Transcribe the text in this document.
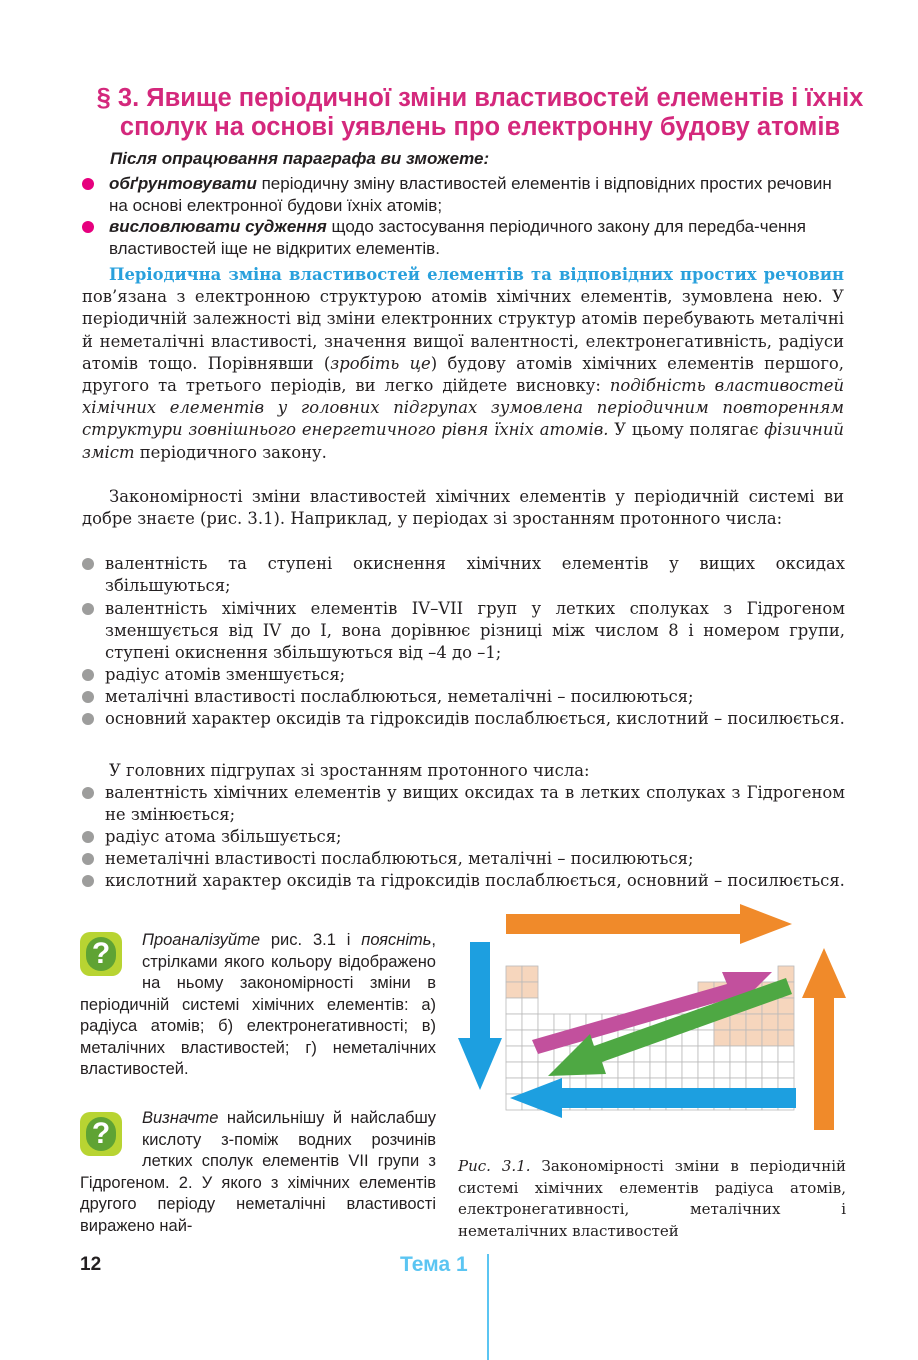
§ 3. Явище періодичної зміни властивостей елементів і їхніх
сполук на основі уявлень про електронну будову атомів
Після опрацювання параграфа ви зможете:
обґрунтовувати періодичну зміну властивостей елементів і відповідних простих речовин на основі електронної будови їхніх атомів;
висловлювати судження щодо застосування періодичного закону для передба-чення властивостей іще не відкритих елементів.
Періодична зміна властивостей елементів та відповідних простих речовин пов’язана з електронною структурою атомів хімічних елементів, зумовлена нею. У періодичній залежності від зміни електронних структур атомів перебувають металічні й неметалічні властивості, значення вищої валентності, електронегативність, радіуси атомів тощо. Порівнявши (зробіть це) будову атомів хімічних елементів першого, другого та третього періодів, ви легко дійдете висновку: подібність властивостей хімічних елементів у головних підгрупах зумовлена періодичним повторенням структури зовнішнього енергетичного рівня їхніх атомів. У цьому полягає фізичний зміст періодичного закону.
Закономірності зміни властивостей хімічних елементів у періодичній системі ви добре знаєте (рис. 3.1). Наприклад, у періодах зі зростанням протонного числа:
валентність та ступені окиснення хімічних елементів у вищих оксидах збільшуються;
валентність хімічних елементів IV–VII груп у летких сполуках з Гідрогеном зменшується від IV до I, вона дорівнює різниці між числом 8 і номером групи, ступені окиснення збільшуються від –4 до –1;
радіус атомів зменшується;
металічні властивості послаблюються, неметалічні – посилюються;
основний характер оксидів та гідроксидів послаблюється, кислотний – посилюється.
У головних підгрупах зі зростанням протонного числа:
валентність хімічних елементів у вищих оксидах та в летких сполуках з Гідрогеном не змінюється;
радіус атома збільшується;
неметалічні властивості послаблюються, металічні – посилюються;
кислотний характер оксидів та гідроксидів послаблюється, основний – посилюється.
?	Проаналізуйте рис. 3.1 і поясніть, стрілками якого кольору відображено на ньому закономірності зміни в періодичній системі хімічних елементів: а) радіуса атомів; б) електронегативності; в) металічних властивостей; г) неметалічних властивостей.
?	Визначте найсильнішу й найслабшу кислоту з-поміж водних розчинів летких сполук елементів VII групи з Гідрогеном. 2. У якого з хімічних елементів другого періоду неметалічні властивості виражено най-
Рис. 3.1. Закономірності зміни в періодичній системі хімічних елементів радіуса атомів, електронегативності, металічних і неметалічних властивостей
12	Тема 1
